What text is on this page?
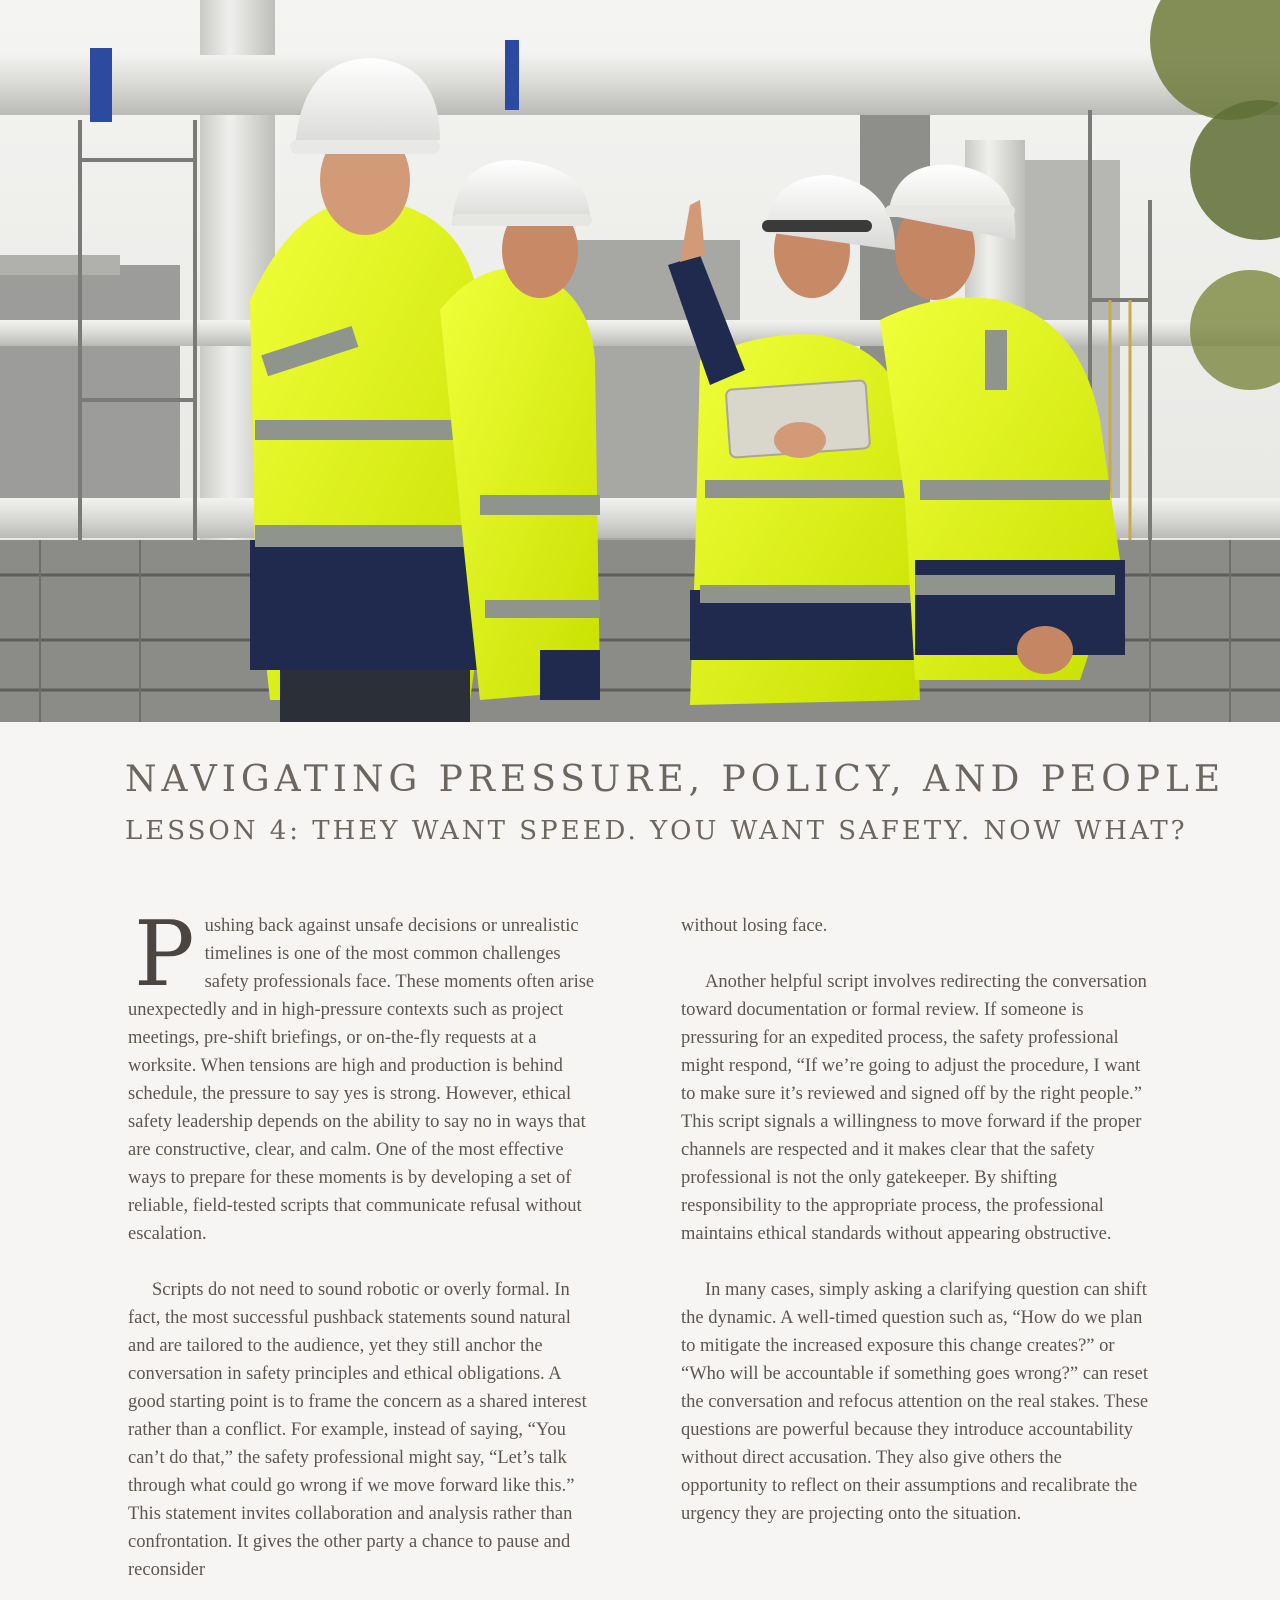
NAVIGATING PRESSURE, POLICY, AND PEOPLE
LESSON 4: THEY WANT SPEED. YOU WANT SAFETY. NOW WHAT?

P ushing back against unsafe decisions or unrealistic timelines is one of the most common challenges safety professionals face. These moments often arise unexpectedly and in high-pressure contexts such as project meetings, pre-shift briefings, or on-the-fly requests at a worksite. When tensions are high and production is behind schedule, the pressure to say yes is strong. However, ethical safety leadership depends on the ability to say no in ways that are constructive, clear, and calm. One of the most effective ways to prepare for these moments is by developing a set of reliable, field-tested scripts that communicate refusal without escalation.

Scripts do not need to sound robotic or overly formal. In fact, the most successful pushback statements sound natural and are tailored to the audience, yet they still anchor the conversation in safety principles and ethical obligations. A good starting point is to frame the concern as a shared interest rather than a conflict. For example, instead of saying, “You can’t do that,” the safety professional might say, “Let’s talk through what could go wrong if we move forward like this.” This statement invites collaboration and analysis rather than confrontation. It gives the other party a chance to pause and reconsider

without losing face.

Another helpful script involves redirecting the conversation toward documentation or formal review. If someone is pressuring for an expedited process, the safety professional might respond, “If we’re going to adjust the procedure, I want to make sure it’s reviewed and signed off by the right people.” This script signals a willingness to move forward if the proper channels are respected and it makes clear that the safety professional is not the only gatekeeper. By shifting responsibility to the appropriate process, the professional maintains ethical standards without appearing obstructive.

In many cases, simply asking a clarifying question can shift the dynamic. A well-timed question such as, “How do we plan to mitigate the increased exposure this change creates?” or “Who will be accountable if something goes wrong?” can reset the conversation and refocus attention on the real stakes. These questions are powerful because they introduce accountability without direct accusation. They also give others the opportunity to reflect on their assumptions and recalibrate the urgency they are projecting onto the situation.
